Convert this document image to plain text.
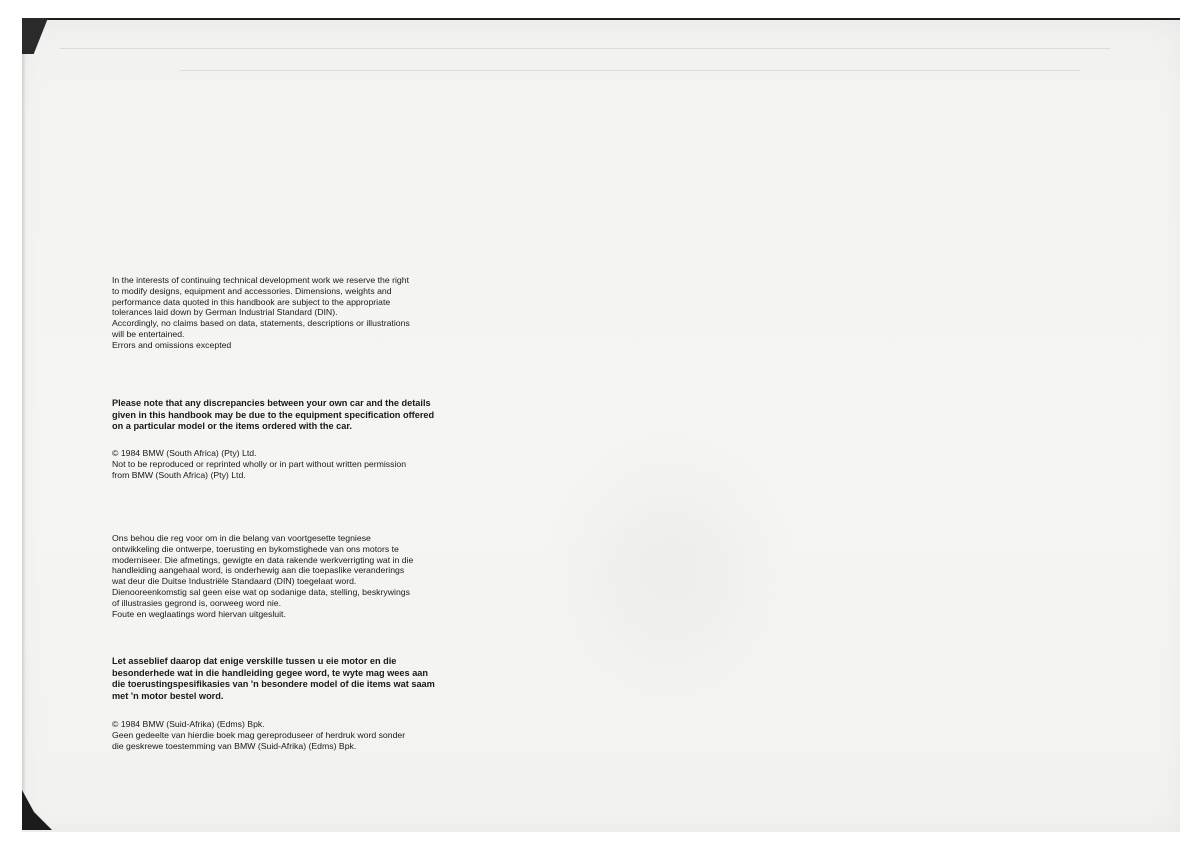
In the interests of continuing technical development work we reserve the right
to modify designs, equipment and accessories. Dimensions, weights and
performance data quoted in this handbook are subject to the appropriate
tolerances laid down by German Industrial Standard (DIN).
Accordingly, no claims based on data, statements, descriptions or illustrations
will be entertained.
Errors and omissions excepted

Please note that any discrepancies between your own car and the details
given in this handbook may be due to the equipment specification offered
on a particular model or the items ordered with the car.

© 1984 BMW (South Africa) (Pty) Ltd.

Not to be reproduced or reprinted wholly or in part without written permission
from BMW (South Africa) (Pty) Ltd.

Ons behou die reg voor om in die belang van voortgesette tegniese
ontwikkeling die ontwerpe, toerusting en bykomstighede van ons motors te
moderniseer. Die afmetings, gewigte en data rakende werkverrigting wat in die
handleiding aangehaal word, is onderhewig aan die toepaslike veranderings
wat deur die Duitse Industriële Standaard (DIN) toegelaat word.
Dienooreenkomstig sal geen eise wat op sodanige data, stelling, beskrywings
of illustrasies gegrond is, oorweeg word nie.
Foute en weglaatings word hiervan uitgesluit.

Let asseblief daarop dat enige verskille tussen u eie motor en die
besonderhede wat in die handleiding gegee word, te wyte mag wees aan
die toerustingspesifikasies van 'n besondere model of die items wat saam
met 'n motor bestel word.

© 1984 BMW (Suid-Afrika) (Edms) Bpk.

Geen gedeelte van hierdie boek mag gereproduseer of herdruk word sonder
die geskrewe toestemming van BMW (Suid-Afrika) (Edms) Bpk.
